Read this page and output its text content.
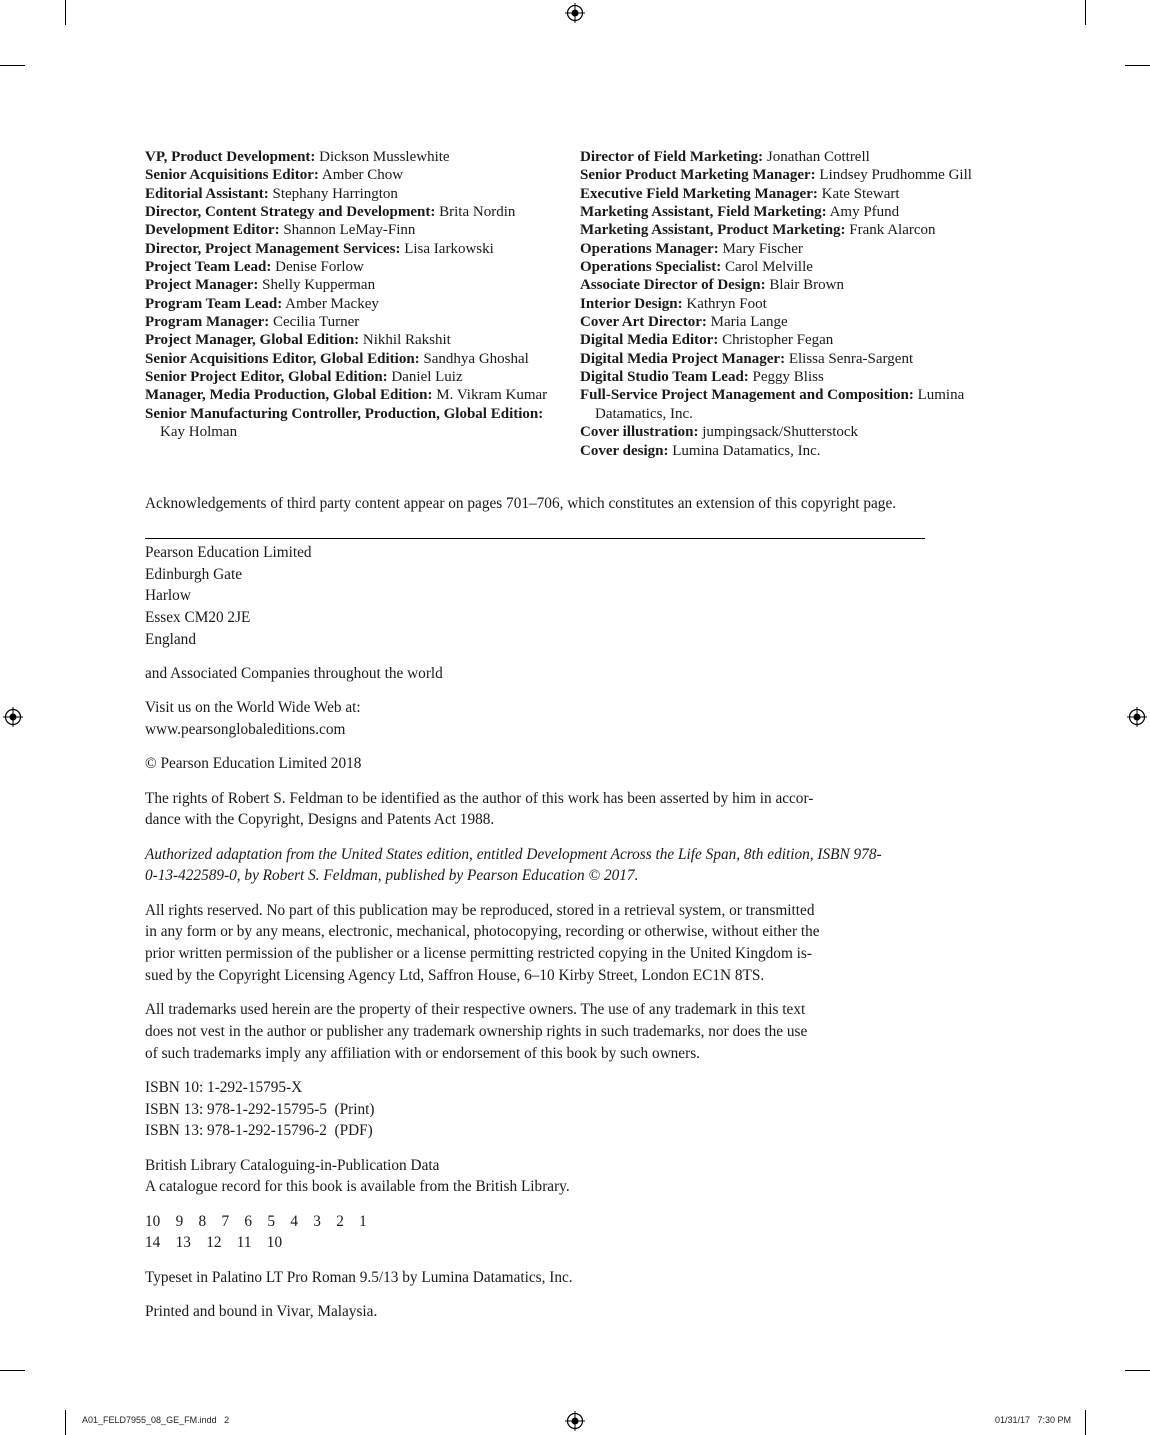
VP, Product Development: Dickson Musslewhite

Senior Acquisitions Editor: Amber Chow

Editorial Assistant: Stephany Harrington

Director, Content Strategy and Development: Brita Nordin

Development Editor: Shannon LeMay-Finn

Director, Project Management Services: Lisa Iarkowski

Project Team Lead: Denise Forlow

Project Manager: Shelly Kupperman

Program Team Lead: Amber Mackey

Program Manager: Cecilia Turner

Project Manager, Global Edition: Nikhil Rakshit

Senior Acquisitions Editor, Global Edition: Sandhya Ghoshal

Senior Project Editor, Global Edition: Daniel Luiz

Manager, Media Production, Global Edition: M. Vikram Kumar

Senior Manufacturing Controller, Production, Global Edition: Kay Holman

Director of Field Marketing: Jonathan Cottrell

Senior Product Marketing Manager: Lindsey Prudhomme Gill

Executive Field Marketing Manager: Kate Stewart

Marketing Assistant, Field Marketing: Amy Pfund

Marketing Assistant, Product Marketing: Frank Alarcon

Operations Manager: Mary Fischer

Operations Specialist: Carol Melville

Associate Director of Design: Blair Brown

Interior Design: Kathryn Foot

Cover Art Director: Maria Lange

Digital Media Editor: Christopher Fegan

Digital Media Project Manager: Elissa Senra-Sargent

Digital Studio Team Lead: Peggy Bliss

Full-Service Project Management and Composition: Lumina Datamatics, Inc.

Cover illustration: jumpingsack/Shutterstock

Cover design: Lumina Datamatics, Inc.

Acknowledgements of third party content appear on pages 701–706, which constitutes an extension of this copyright page.

Pearson Education Limited
Edinburgh Gate
Harlow
Essex CM20 2JE
England

and Associated Companies throughout the world

Visit us on the World Wide Web at:
www.pearsonglobaleditions.com

© Pearson Education Limited 2018

The rights of Robert S. Feldman to be identified as the author of this work has been asserted by him in accor-
dance with the Copyright, Designs and Patents Act 1988.

Authorized adaptation from the United States edition, entitled Development Across the Life Span, 8th edition, ISBN 978-
0-13-422589-0, by Robert S. Feldman, published by Pearson Education © 2017.

All rights reserved. No part of this publication may be reproduced, stored in a retrieval system, or transmitted
in any form or by any means, electronic, mechanical, photocopying, recording or otherwise, without either the
prior written permission of the publisher or a license permitting restricted copying in the United Kingdom is-
sued by the Copyright Licensing Agency Ltd, Saffron House, 6–10 Kirby Street, London EC1N 8TS.

All trademarks used herein are the property of their respective owners. The use of any trademark in this text
does not vest in the author or publisher any trademark ownership rights in such trademarks, nor does the use
of such trademarks imply any affiliation with or endorsement of this book by such owners.

ISBN 10: 1-292-15795-X
ISBN 13: 978-1-292-15795-5  (Print)
ISBN 13: 978-1-292-15796-2  (PDF)

British Library Cataloguing-in-Publication Data
A catalogue record for this book is available from the British Library.

10    9    8    7    6    5    4    3    2    1
14    13    12    11    10

Typeset in Palatino LT Pro Roman 9.5/13 by Lumina Datamatics, Inc.

Printed and bound in Vivar, Malaysia.

A01_FELD7955_08_GE_FM.indd   2	01/31/17   7:30 PM
